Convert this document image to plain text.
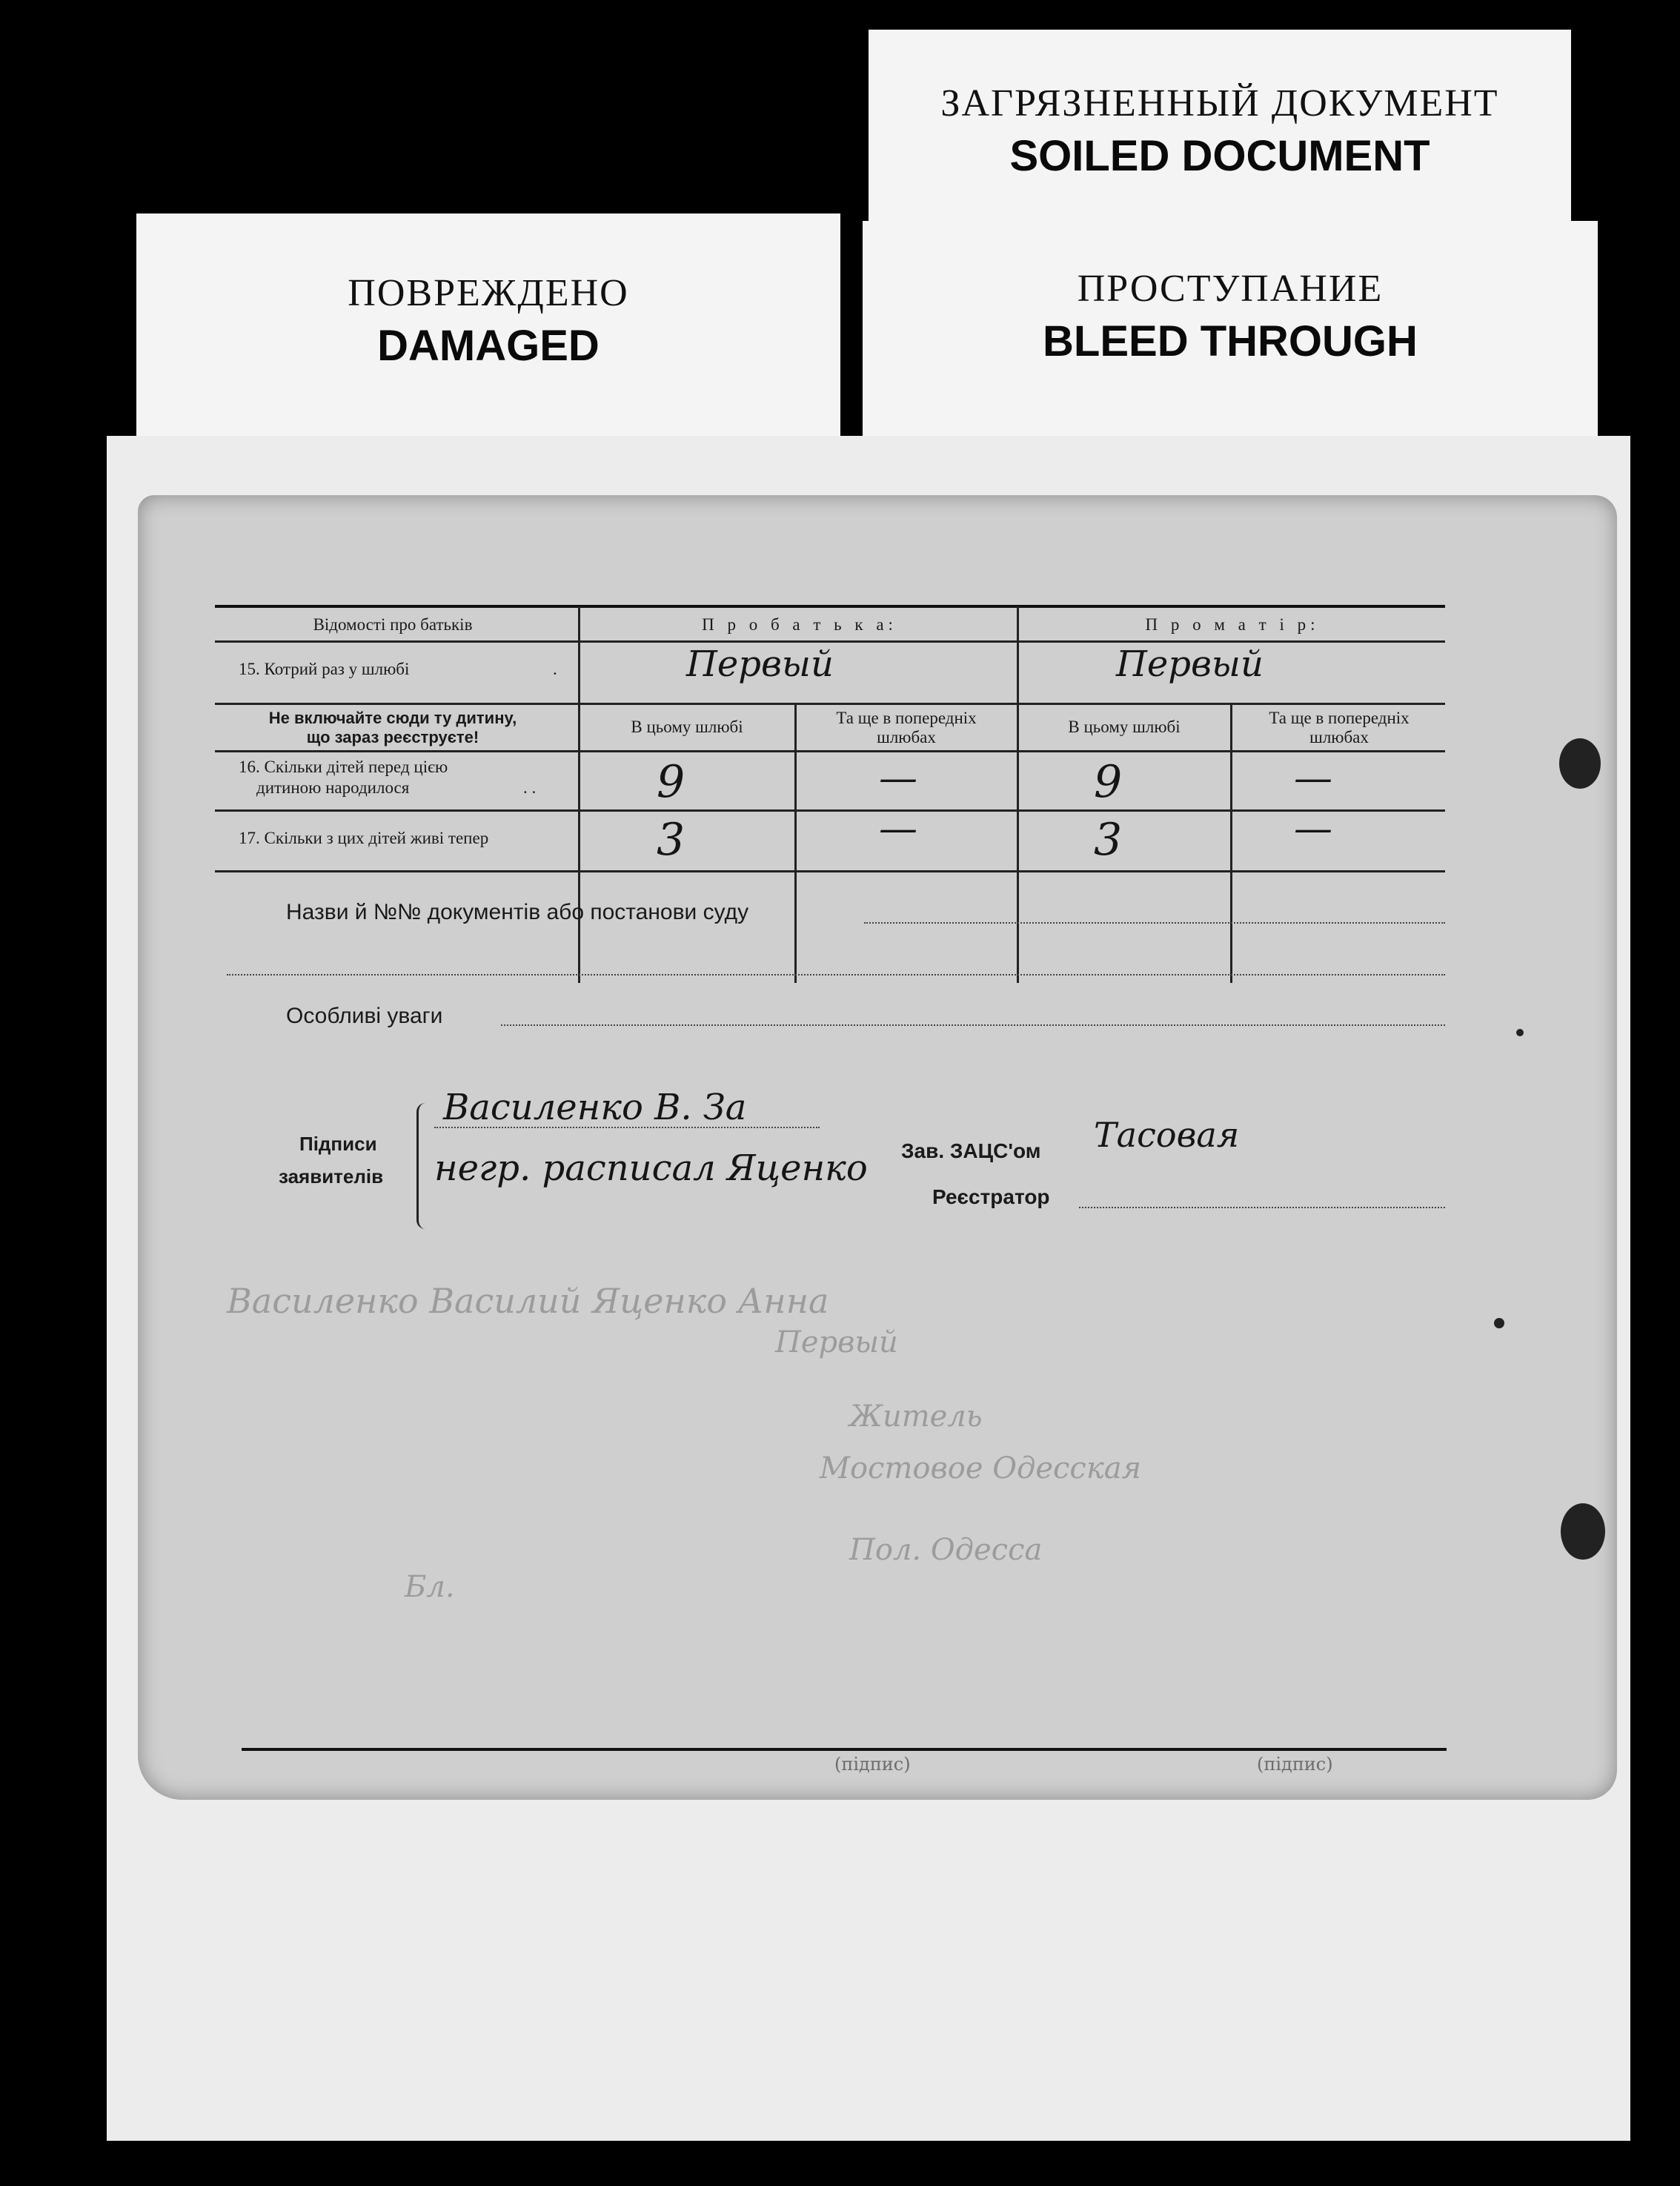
ЗАГРЯЗНЕННЫЙ ДОКУМЕНТ
SOILED DOCUMENT
ПОВРЕЖДЕНО
DAMAGED
ПРОСТУПАНИЕ
BLEED THROUGH
Відомості про батьків	П р о б а т ь к а:	П р о м а т і р:
15. Котрий раз у шлюбі	.	Первый	Первый
Не включайте сюди ту дитину,
що зараз реєструєте!
В цьому шлюбі	Та ще в попередніх
шлюбах
В цьому шлюбі	Та ще в попередніх
шлюбах
16. Скільки дітей перед цією
дитиною народилося	. .	9	—	9	—
17. Скільки з цих дітей живі тепер	3	—	3	—
Назви й №№ документів або постанови суду
Особливі уваги
Василенко Василий Яценко Анна
Первый
Житель
Мостовое Одесская
Пол. Одесса
Бл.
Підписи
заявителів
Василенко В. За
негр. расписал Яценко Зав. ЗАЦС'ом
Реєстратор
Тасовая
(підпис)	(підпис)
